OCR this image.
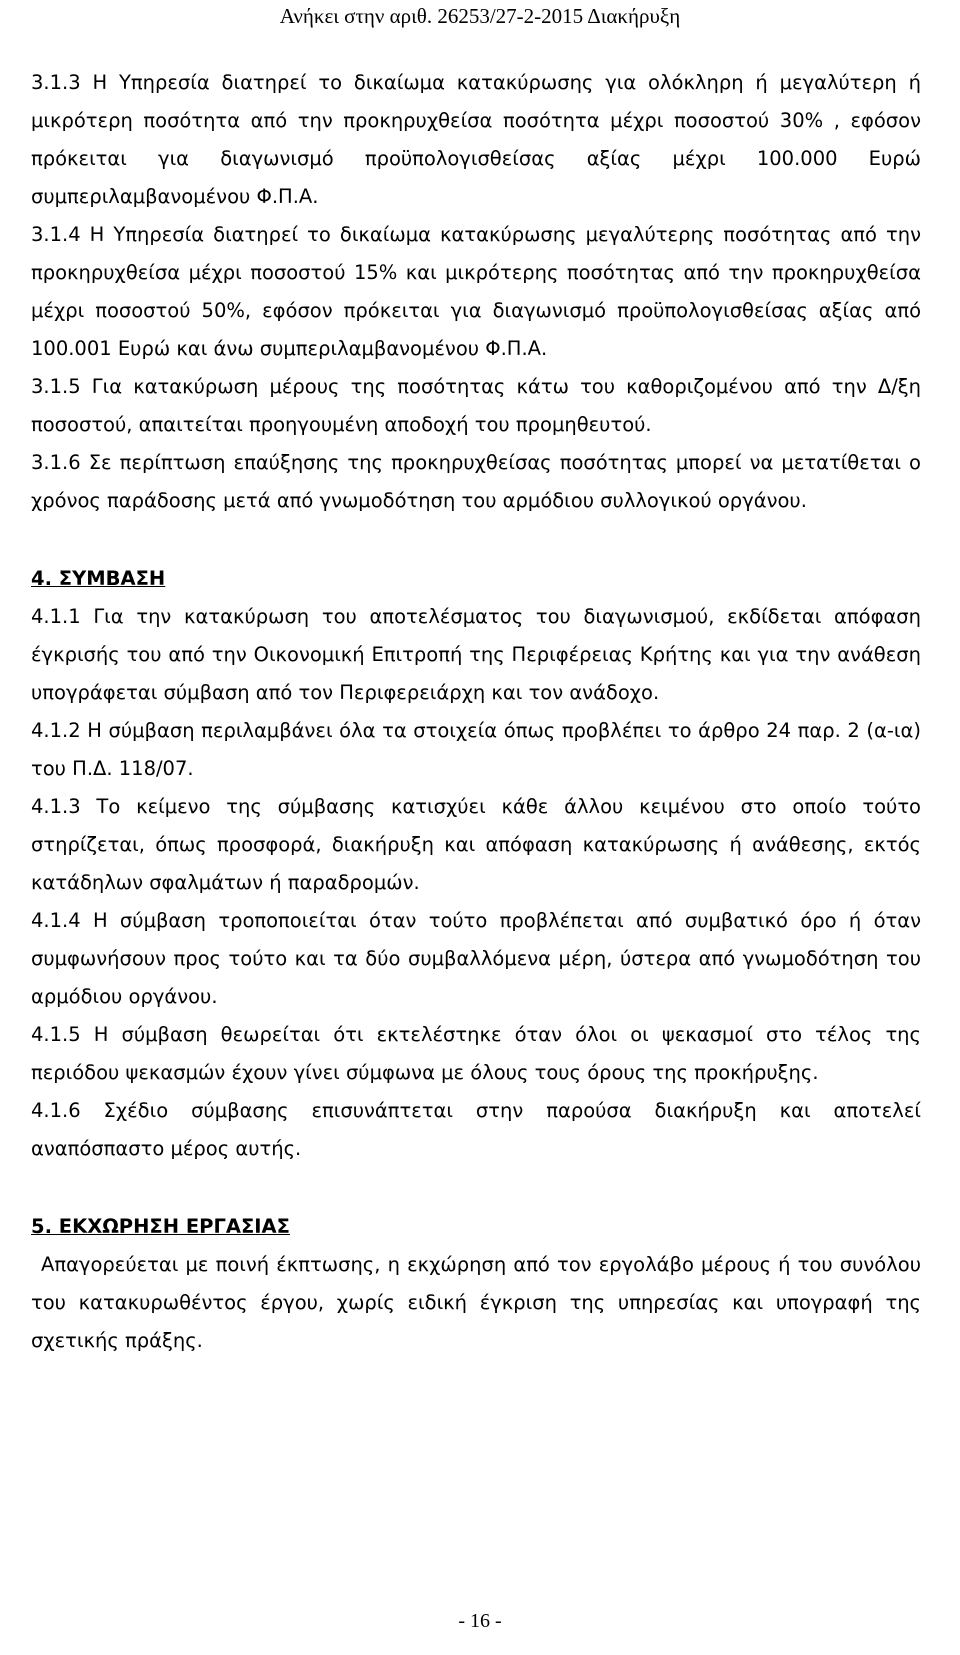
Ανήκει στην αριθ. 26253/27-2-2015 Διακήρυξη

3.1.3 Η Υπηρεσία διατηρεί το δικαίωμα κατακύρωσης για ολόκληρη ή μεγαλύτερη ή μικρότερη ποσότητα από την προκηρυχθείσα ποσότητα μέχρι ποσοστού 30% , εφόσον πρόκειται για διαγωνισμό προϋπολογισθείσας αξίας μέχρι 100.000 Ευρώ συμπεριλαμβανομένου Φ.Π.Α.

3.1.4 Η Υπηρεσία διατηρεί το δικαίωμα κατακύρωσης μεγαλύτερης ποσότητας από την προκηρυχθείσα μέχρι ποσοστού 15% και μικρότερης ποσότητας από την προκηρυχθείσα μέχρι ποσοστού 50%, εφόσον πρόκειται για διαγωνισμό προϋπολογισθείσας αξίας από 100.001 Ευρώ και άνω συμπεριλαμβανομένου Φ.Π.Α.

3.1.5 Για κατακύρωση μέρους της ποσότητας κάτω του καθοριζομένου από την Δ/ξη ποσοστού, απαιτείται προηγουμένη αποδοχή του προμηθευτού.

3.1.6 Σε περίπτωση επαύξησης της προκηρυχθείσας ποσότητας μπορεί να μετατίθεται ο χρόνος παράδοσης μετά από γνωμοδότηση του αρμόδιου συλλογικού οργάνου.

4. ΣΥΜΒΑΣΗ

4.1.1 Για την κατακύρωση του αποτελέσματος του διαγωνισμού, εκδίδεται απόφαση έγκρισής του από την Οικονομική Επιτροπή της Περιφέρειας Κρήτης και για την ανάθεση υπογράφεται σύμβαση από τον Περιφερειάρχη και τον ανάδοχο.

4.1.2 Η σύμβαση περιλαμβάνει όλα τα στοιχεία όπως προβλέπει το άρθρο 24 παρ. 2 (α-ια) του Π.Δ. 118/07.

4.1.3 Το κείμενο της σύμβασης κατισχύει κάθε άλλου κειμένου στο οποίο τούτο στηρίζεται, όπως προσφορά, διακήρυξη και απόφαση κατακύρωσης ή ανάθεσης, εκτός κατάδηλων σφαλμάτων ή παραδρομών.

4.1.4 Η σύμβαση τροποποιείται όταν τούτο προβλέπεται από συμβατικό όρο ή όταν συμφωνήσουν προς τούτο και τα δύο συμβαλλόμενα μέρη, ύστερα από γνωμοδότηση του αρμόδιου οργάνου.

4.1.5 Η σύμβαση θεωρείται ότι εκτελέστηκε όταν όλοι οι ψεκασμοί στο τέλος της περιόδου ψεκασμών έχουν γίνει σύμφωνα με όλους τους όρους της προκήρυξης.

4.1.6 Σχέδιο σύμβασης επισυνάπτεται στην παρούσα διακήρυξη και αποτελεί αναπόσπαστο μέρος αυτής.

5. ΕΚΧΩΡΗΣΗ ΕΡΓΑΣΙΑΣ

Απαγορεύεται με ποινή έκπτωσης, η εκχώρηση από τον εργολάβο μέρους ή του συνόλου του κατακυρωθέντος έργου, χωρίς ειδική έγκριση της υπηρεσίας και υπογραφή της σχετικής πράξης.

- 16 -
